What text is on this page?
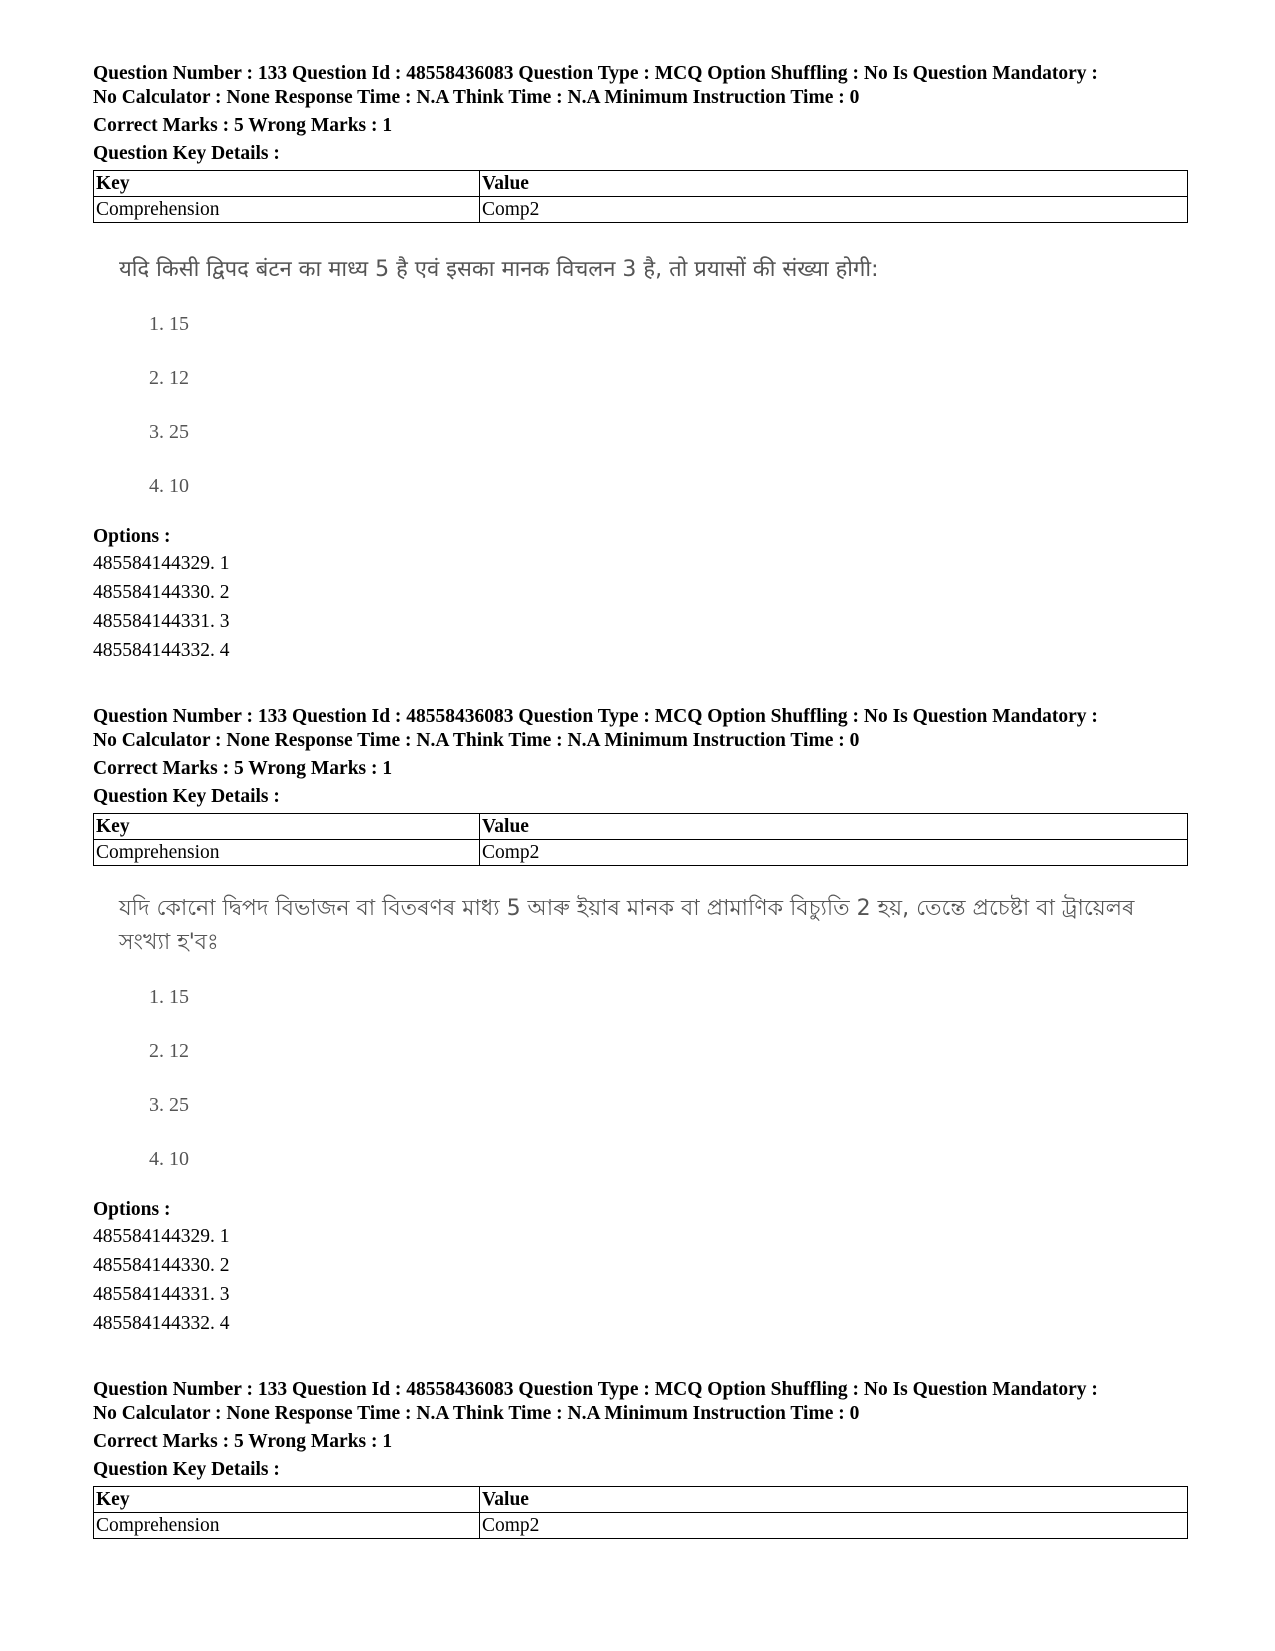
Question Number : 133 Question Id : 48558436083 Question Type : MCQ Option Shuffling : No Is Question Mandatory :
No Calculator : None Response Time : N.A Think Time : N.A Minimum Instruction Time : 0

Correct Marks : 5 Wrong Marks : 1
Question Key Details :
Key	Value
Comprehension	Comp2
यदि किसी द्विपद बंटन का माध्य 5 है एवं इसका मानक विचलन 3 है, तो प्रयासों की संख्या होगी:
1. 15
2. 12
3. 25
4. 10
Options :
485584144329. 1
485584144330. 2
485584144331. 3
485584144332. 4

Question Number : 133 Question Id : 48558436083 Question Type : MCQ Option Shuffling : No Is Question Mandatory :
No Calculator : None Response Time : N.A Think Time : N.A Minimum Instruction Time : 0

Correct Marks : 5 Wrong Marks : 1
Question Key Details :
Key	Value
Comprehension	Comp2
যদি কোনো দ্বিপদ বিভাজন বা বিতৰণৰ মাধ্য 5 আৰু ইয়াৰ মানক বা প্ৰামাণিক বিচ্যুতি 2 হয়, তেন্তে প্ৰচেষ্টা বা ট্ৰায়েলৰ সংখ্যা হ'বঃ
1. 15
2. 12
3. 25
4. 10
Options :
485584144329. 1
485584144330. 2
485584144331. 3
485584144332. 4

Question Number : 133 Question Id : 48558436083 Question Type : MCQ Option Shuffling : No Is Question Mandatory :
No Calculator : None Response Time : N.A Think Time : N.A Minimum Instruction Time : 0

Correct Marks : 5 Wrong Marks : 1
Question Key Details :
Key	Value
Comprehension	Comp2
